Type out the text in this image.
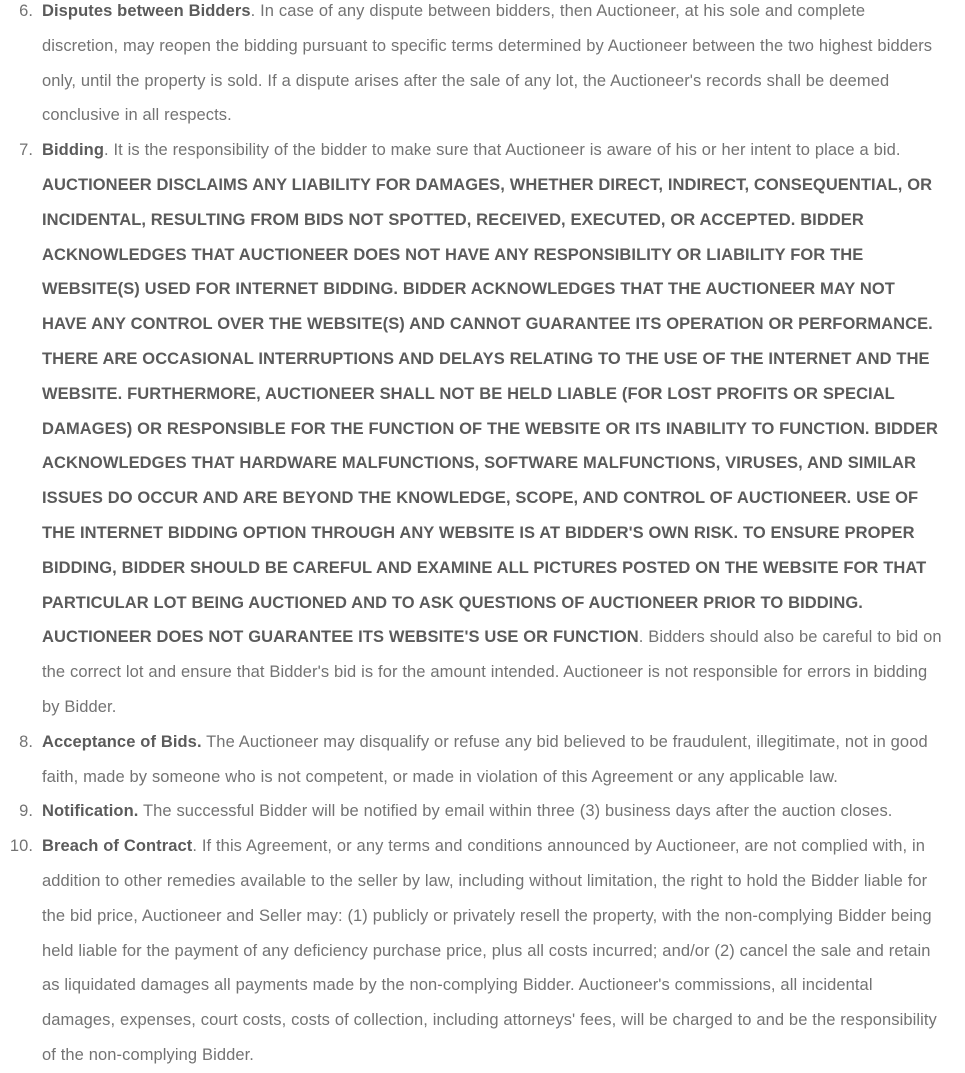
6. Disputes between Bidders. In case of any dispute between bidders, then Auctioneer, at his sole and complete discretion, may reopen the bidding pursuant to specific terms determined by Auctioneer between the two highest bidders only, until the property is sold. If a dispute arises after the sale of any lot, the Auctioneer's records shall be deemed conclusive in all respects.
7. Bidding. It is the responsibility of the bidder to make sure that Auctioneer is aware of his or her intent to place a bid. AUCTIONEER DISCLAIMS ANY LIABILITY FOR DAMAGES, WHETHER DIRECT, INDIRECT, CONSEQUENTIAL, OR INCIDENTAL, RESULTING FROM BIDS NOT SPOTTED, RECEIVED, EXECUTED, OR ACCEPTED. BIDDER ACKNOWLEDGES THAT AUCTIONEER DOES NOT HAVE ANY RESPONSIBILITY OR LIABILITY FOR THE WEBSITE(S) USED FOR INTERNET BIDDING. BIDDER ACKNOWLEDGES THAT THE AUCTIONEER MAY NOT HAVE ANY CONTROL OVER THE WEBSITE(S) AND CANNOT GUARANTEE ITS OPERATION OR PERFORMANCE. THERE ARE OCCASIONAL INTERRUPTIONS AND DELAYS RELATING TO THE USE OF THE INTERNET AND THE WEBSITE. FURTHERMORE, AUCTIONEER SHALL NOT BE HELD LIABLE (FOR LOST PROFITS OR SPECIAL DAMAGES) OR RESPONSIBLE FOR THE FUNCTION OF THE WEBSITE OR ITS INABILITY TO FUNCTION. BIDDER ACKNOWLEDGES THAT HARDWARE MALFUNCTIONS, SOFTWARE MALFUNCTIONS, VIRUSES, AND SIMILAR ISSUES DO OCCUR AND ARE BEYOND THE KNOWLEDGE, SCOPE, AND CONTROL OF AUCTIONEER. USE OF THE INTERNET BIDDING OPTION THROUGH ANY WEBSITE IS AT BIDDER'S OWN RISK. TO ENSURE PROPER BIDDING, BIDDER SHOULD BE CAREFUL AND EXAMINE ALL PICTURES POSTED ON THE WEBSITE FOR THAT PARTICULAR LOT BEING AUCTIONED AND TO ASK QUESTIONS OF AUCTIONEER PRIOR TO BIDDING. AUCTIONEER DOES NOT GUARANTEE ITS WEBSITE'S USE OR FUNCTION. Bidders should also be careful to bid on the correct lot and ensure that Bidder's bid is for the amount intended. Auctioneer is not responsible for errors in bidding by Bidder.
8. Acceptance of Bids. The Auctioneer may disqualify or refuse any bid believed to be fraudulent, illegitimate, not in good faith, made by someone who is not competent, or made in violation of this Agreement or any applicable law.
9. Notification. The successful Bidder will be notified by email within three (3) business days after the auction closes.
10. Breach of Contract. If this Agreement, or any terms and conditions announced by Auctioneer, are not complied with, in addition to other remedies available to the seller by law, including without limitation, the right to hold the Bidder liable for the bid price, Auctioneer and Seller may: (1) publicly or privately resell the property, with the non-complying Bidder being held liable for the payment of any deficiency purchase price, plus all costs incurred; and/or (2) cancel the sale and retain as liquidated damages all payments made by the non-complying Bidder. Auctioneer's commissions, all incidental damages, expenses, court costs, costs of collection, including attorneys' fees, will be charged to and be the responsibility of the non-complying Bidder.
